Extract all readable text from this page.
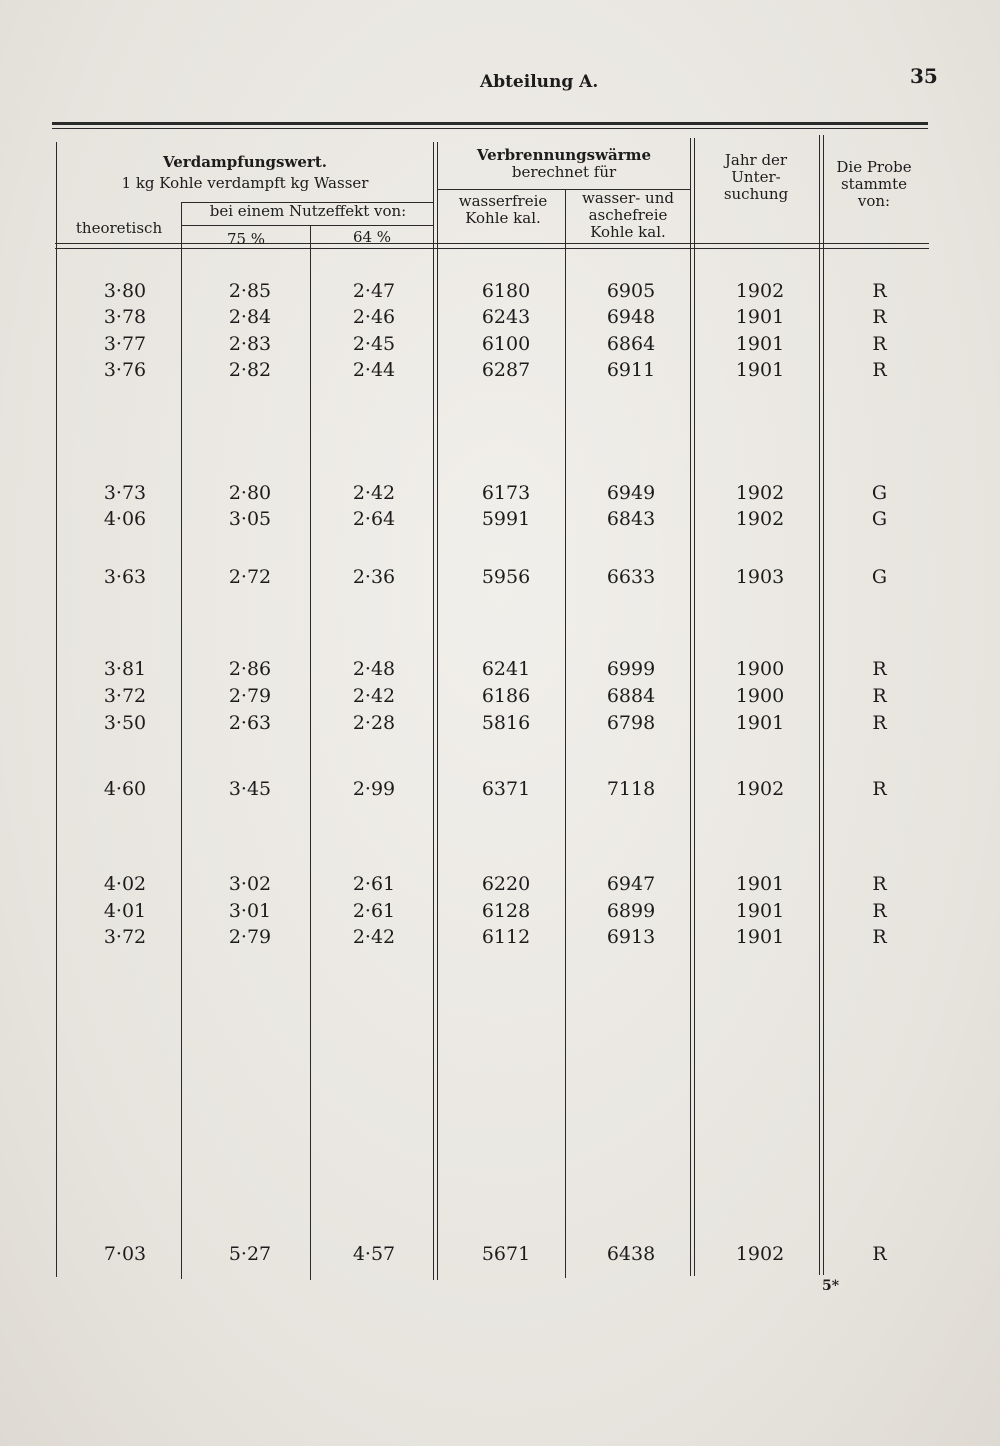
Abteilung A.	35
Verdampfungswert.
1 kg Kohle verdampft kg Wasser
theoretisch
bei einem Nutzeffekt von:
75 %	64 %
Verbrennungswärme
berechnet für
wasserfreie Kohle kal.
wasser- und aschefreie Kohle kal.
Jahr der Unter- suchung
Die Probe stammte von:
3·80	2·85	2·47	6180	6905	1902	R
3·78	2·84	2·46	6243	6948	1901	R
3·77	2·83	2·45	6100	6864	1901	R
3·76	2·82	2·44	6287	6911	1901	R
3·73	2·80	2·42	6173	6949	1902	G
4·06	3·05	2·64	5991	6843	1902	G
3·63	2·72	2·36	5956	6633	1903	G
3·81	2·86	2·48	6241	6999	1900	R
3·72	2·79	2·42	6186	6884	1900	R
3·50	2·63	2·28	5816	6798	1901	R
4·60	3·45	2·99	6371	7118	1902	R
4·02	3·02	2·61	6220	6947	1901	R
4·01	3·01	2·61	6128	6899	1901	R
3·72	2·79	2·42	6112	6913	1901	R
7·03	5·27	4·57	5671	6438	1902	R
5*
